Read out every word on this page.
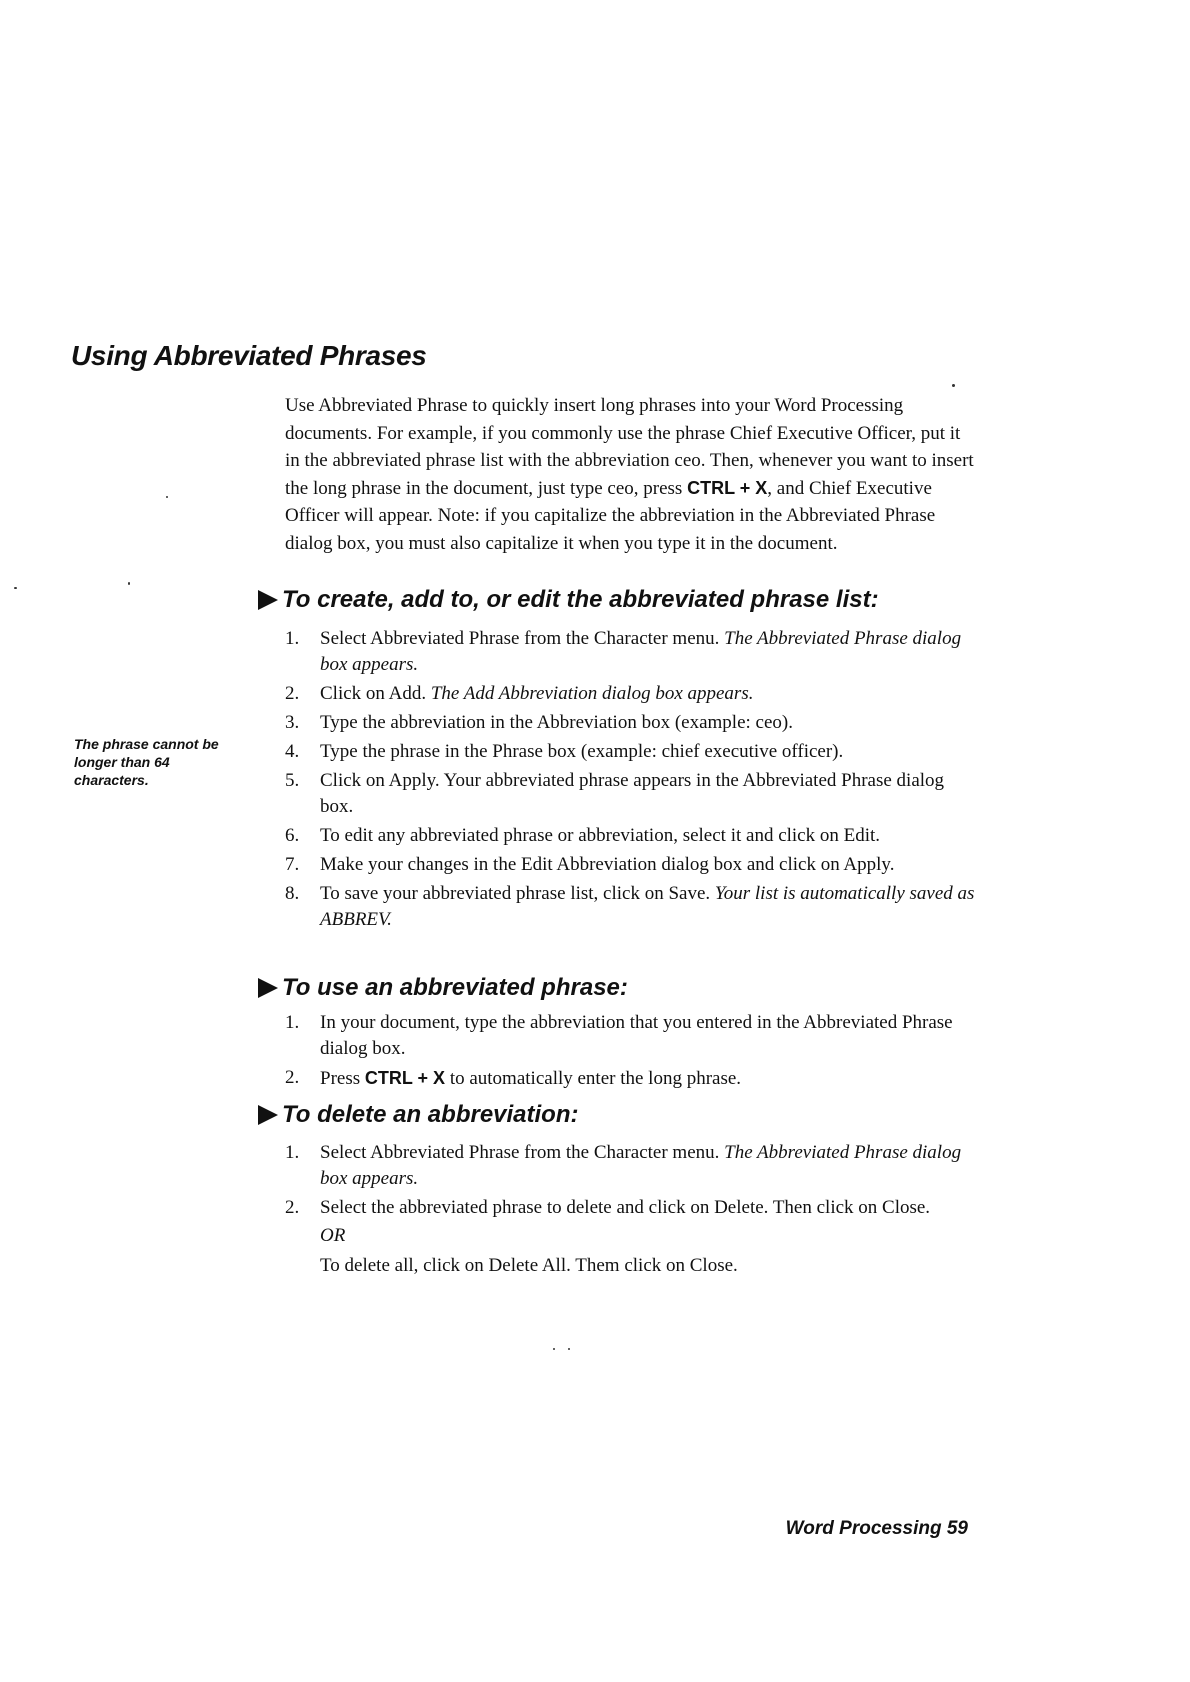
Using Abbreviated Phrases

Use Abbreviated Phrase to quickly insert long phrases into your Word Processing documents. For example, if you commonly use the phrase Chief Executive Officer, put it in the abbreviated phrase list with the abbreviation ceo. Then, whenever you want to insert the long phrase in the document, just type ceo, press CTRL + X, and Chief Executive Officer will appear. Note: if you capitalize the abbreviation in the Abbreviated Phrase dialog box, you must also capitalize it when you type it in the document.

The phrase cannot be longer than 64 characters.

To create, add to, or edit the abbreviated phrase list:
1. Select Abbreviated Phrase from the Character menu. The Abbreviated Phrase dialog box appears.
2. Click on Add. The Add Abbreviation dialog box appears.
3. Type the abbreviation in the Abbreviation box (example: ceo).
4. Type the phrase in the Phrase box (example: chief executive officer).
5. Click on Apply. Your abbreviated phrase appears in the Abbreviated Phrase dialog box.
6. To edit any abbreviated phrase or abbreviation, select it and click on Edit.
7. Make your changes in the Edit Abbreviation dialog box and click on Apply.
8. To save your abbreviated phrase list, click on Save. Your list is automatically saved as ABBREV.
To use an abbreviated phrase:
1. In your document, type the abbreviation that you entered in the Abbreviated Phrase dialog box.
2. Press CTRL + X to automatically enter the long phrase.
To delete an abbreviation:
1. Select Abbreviated Phrase from the Character menu. The Abbreviated Phrase dialog box appears.
2. Select the abbreviated phrase to delete and click on Delete. Then click on Close.
OR
To delete all, click on Delete All. Them click on Close.

Word Processing 59
